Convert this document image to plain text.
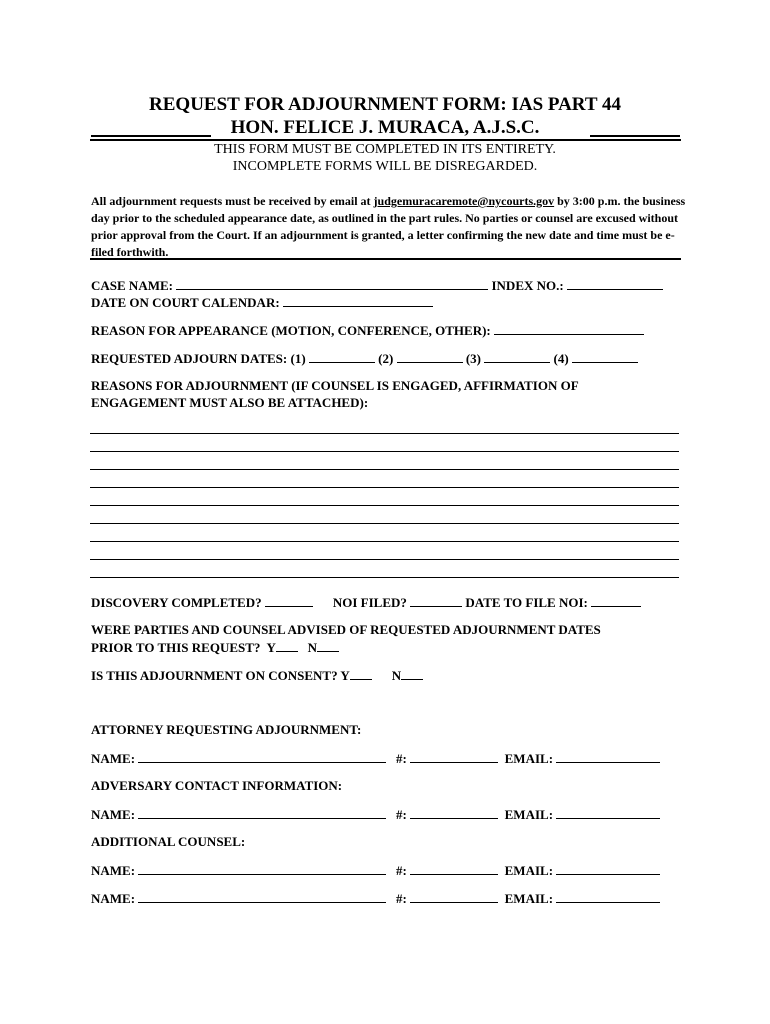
REQUEST FOR ADJOURNMENT FORM: IAS PART 44
HON. FELICE J. MURACA, A.J.S.C.
THIS FORM MUST BE COMPLETED IN ITS ENTIRETY.
INCOMPLETE FORMS WILL BE DISREGARDED.
All adjournment requests must be received by email at judgemuracaremote@nycourts.gov by 3:00 p.m. the business day prior to the scheduled appearance date, as outlined in the part rules. No parties or counsel are excused without prior approval from the Court. If an adjournment is granted, a letter confirming the new date and time must be e-filed forthwith.
CASE NAME:	INDEX NO.:
DATE ON COURT CALENDAR:
REASON FOR APPEARANCE (MOTION, CONFERENCE, OTHER):
REQUESTED ADJOURN DATES: (1)	(2)	(3)	(4)
REASONS FOR ADJOURNMENT (IF COUNSEL IS ENGAGED, AFFIRMATION OF
ENGAGEMENT MUST ALSO BE ATTACHED):
DISCOVERY COMPLETED?	NOI FILED?	DATE TO FILE NOI:
WERE PARTIES AND COUNSEL ADVISED OF REQUESTED ADJOURNMENT DATES
PRIOR TO THIS REQUEST? Y N
IS THIS ADJOURNMENT ON CONSENT? Y	N
ATTORNEY REQUESTING ADJOURNMENT:
NAME:	#:	EMAIL:
ADVERSARY CONTACT INFORMATION:
NAME:	#:	EMAIL:
ADDITIONAL COUNSEL:
NAME:	#:	EMAIL:
NAME:	#:	EMAIL:
